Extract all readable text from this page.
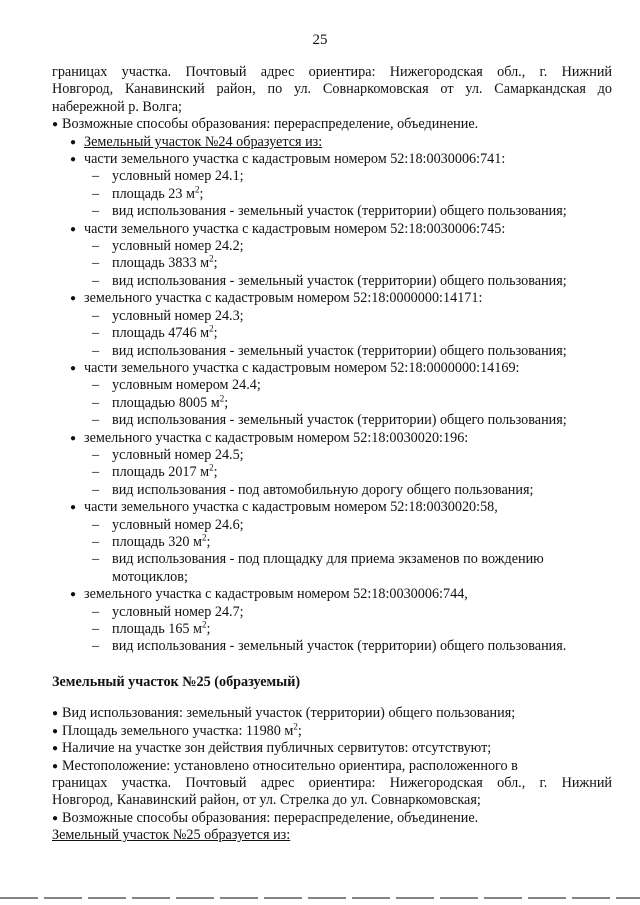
25

границах участка. Почтовый адрес ориентира: Нижегородская обл., г. Нижний

Новгород, Канавинский район, по ул. Совнаркомовская от ул. Самаркандская до

набережной р. Волга;

● Возможные способы образования: перераспределение, объединение.

● Земельный участок №24 образуется из:

● части земельного участка с кадастровым номером 52:18:0030006:741:

– условный номер 24.1;

– площадь 23 $м^2$;

– вид использования - земельный участок (территории) общего пользования;

● части земельного участка с кадастровым номером 52:18:0030006:745:

– условный номер 24.2;

– площадь 3833 $м^2$;

– вид использования - земельный участок (территории) общего пользования;

● земельного участка с кадастровым номером 52:18:0000000:14171:

– условный номер 24.3;

– площадь 4746 $м^2$;

– вид использования - земельный участок (территории) общего пользования;

● части земельного участка с кадастровым номером 52:18:0000000:14169:

– условным номером 24.4;

– площадью 8005 $м^2$;

– вид использования - земельный участок (территории) общего пользования;

● земельного участка с кадастровым номером 52:18:0030020:196:

– условный номер 24.5;

– площадь 2017 $м^2$;

– вид использования - под автомобильную дорогу общего пользования;

● части земельного участка с кадастровым номером 52:18:0030020:58,

– условный номер 24.6;

– площадь 320 $м^2$;

– вид использования - под площадку для приема экзаменов по вождению мотоциклов;

● земельного участка с кадастровым номером 52:18:0030006:744,

– условный номер 24.7;

– площадь 165 $м^2$;

– вид использования - земельный участок (территории) общего пользования.

Земельный участок №25 (образуемый)

● Вид использования: земельный участок (территории) общего пользования;

● Площадь земельного участка: 11980 $м^2$;

● Наличие на участке зон действия публичных сервитутов: отсутствуют;

● Местоположение: установлено относительно ориентира, расположенного в

границах участка. Почтовый адрес ориентира: Нижегородская обл., г. Нижний

Новгород, Канавинский район, от ул. Стрелка до ул. Совнаркомовская;

● Возможные способы образования: перераспределение, объединение.

Земельный участок №25 образуется из:
